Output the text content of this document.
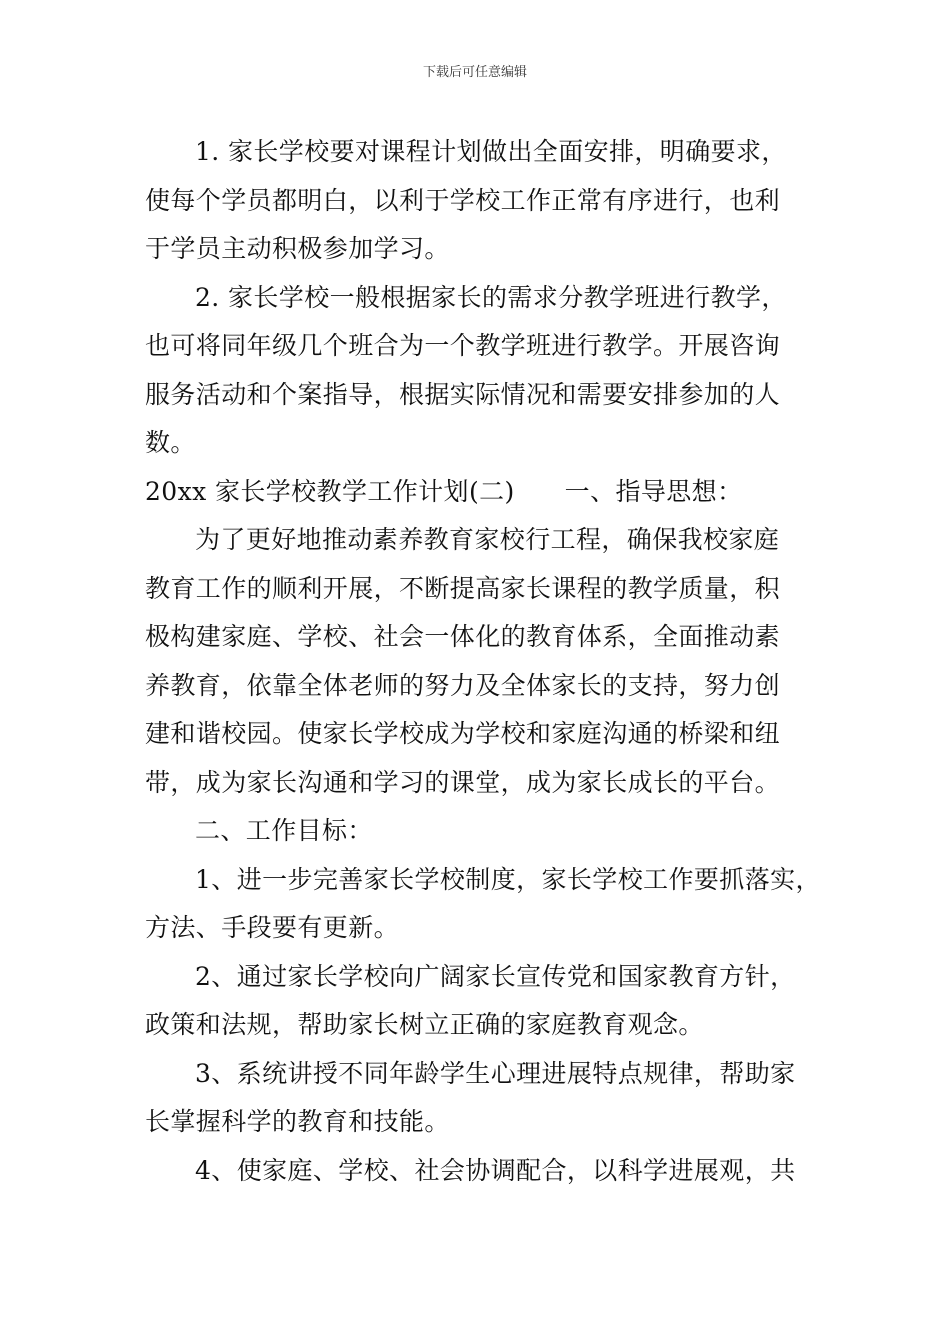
下载后可任意编辑
1. 家长学校要对课程计划做出全面安排，明确要求，
使每个学员都明白，以利于学校工作正常有序进行，也利
于学员主动积极参加学习。
2. 家长学校一般根据家长的需求分教学班进行教学，
也可将同年级几个班合为一个教学班进行教学。开展咨询
服务活动和个案指导，根据实际情况和需要安排参加的人
数。
20xx 家长学校教学工作计划(二) 一、指导思想：
为了更好地推动素养教育家校行工程，确保我校家庭
教育工作的顺利开展，不断提高家长课程的教学质量，积
极构建家庭、学校、社会一体化的教育体系，全面推动素
养教育，依靠全体老师的努力及全体家长的支持，努力创
建和谐校园。使家长学校成为学校和家庭沟通的桥梁和纽
带，成为家长沟通和学习的课堂，成为家长成长的平台。
二、工作目标：
1、进一步完善家长学校制度，家长学校工作要抓落实，
方法、手段要有更新。
2、通过家长学校向广阔家长宣传党和国家教育方针，
政策和法规，帮助家长树立正确的家庭教育观念。
3、系统讲授不同年龄学生心理进展特点规律，帮助家
长掌握科学的教育和技能。
4、使家庭、学校、社会协调配合，以科学进展观，共
